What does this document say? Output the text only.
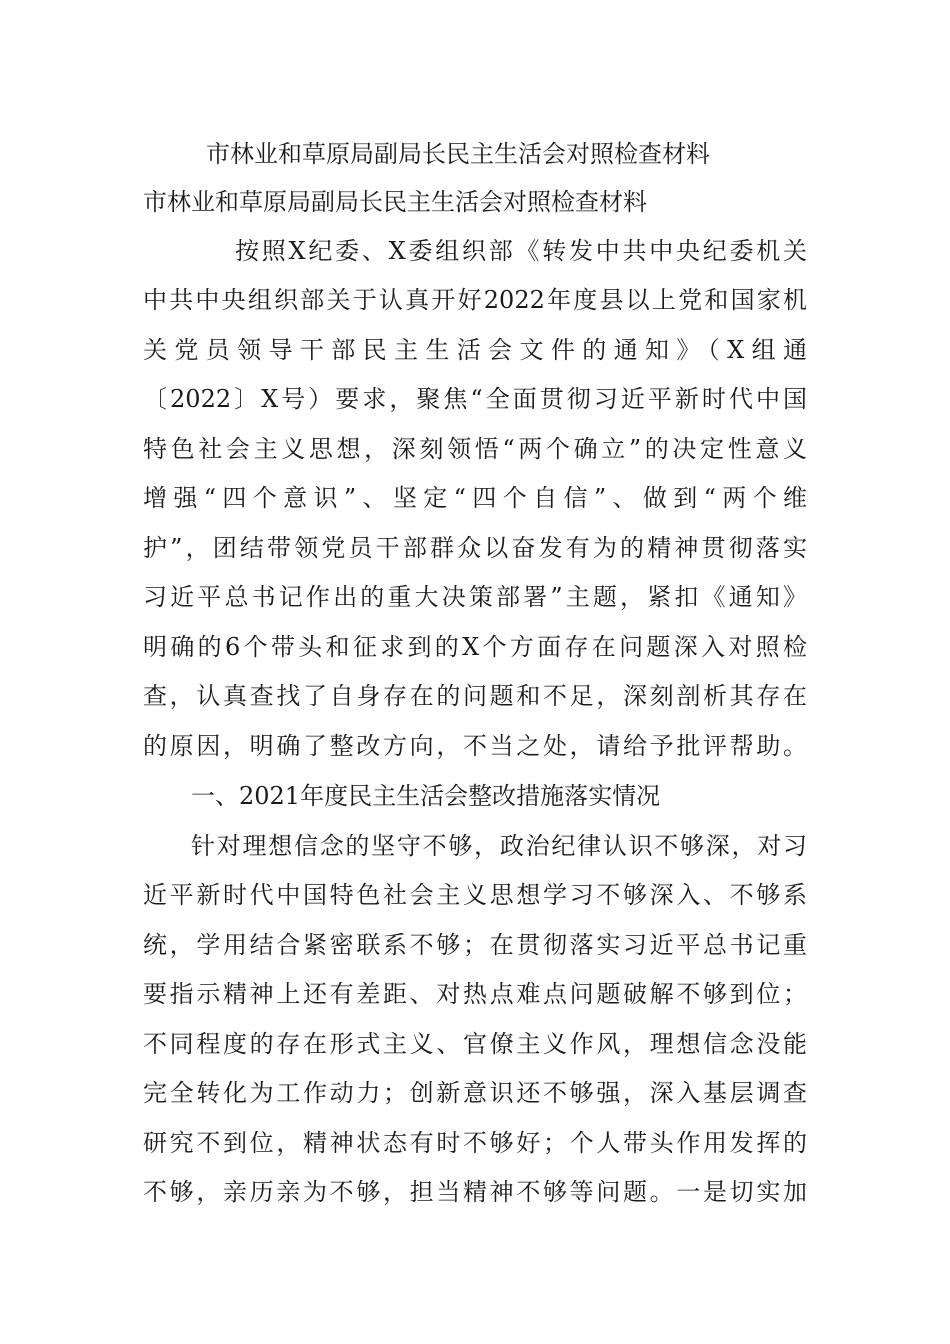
市林业和草原局副局长民主生活会对照检查材料
市林业和草原局副局长民主生活会对照检查材料
按照X纪委、X委组织部《转发中共中央纪委机关
中共中央组织部关于认真开好2022年度县以上党和国家机
关党员领导干部民主生活会文件的通知》（X组通
〔2022〕X号）要求，聚焦“全面贯彻习近平新时代中国
特色社会主义思想，深刻领悟“两个确立”的决定性意义
增强“四个意识”、坚定“四个自信”、做到“两个维
护”，团结带领党员干部群众以奋发有为的精神贯彻落实
习近平总书记作出的重大决策部署”主题，紧扣《通知》
明确的6个带头和征求到的X个方面存在问题深入对照检
查，认真查找了自身存在的问题和不足，深刻剖析其存在
的原因，明确了整改方向，不当之处，请给予批评帮助。
一、2021年度民主生活会整改措施落实情况
针对理想信念的坚守不够，政治纪律认识不够深，对习
近平新时代中国特色社会主义思想学习不够深入、不够系
统，学用结合紧密联系不够；在贯彻落实习近平总书记重
要指示精神上还有差距、对热点难点问题破解不够到位；
不同程度的存在形式主义、官僚主义作风，理想信念没能
完全转化为工作动力；创新意识还不够强，深入基层调查
研究不到位，精神状态有时不够好；个人带头作用发挥的
不够，亲历亲为不够，担当精神不够等问题。一是切实加
